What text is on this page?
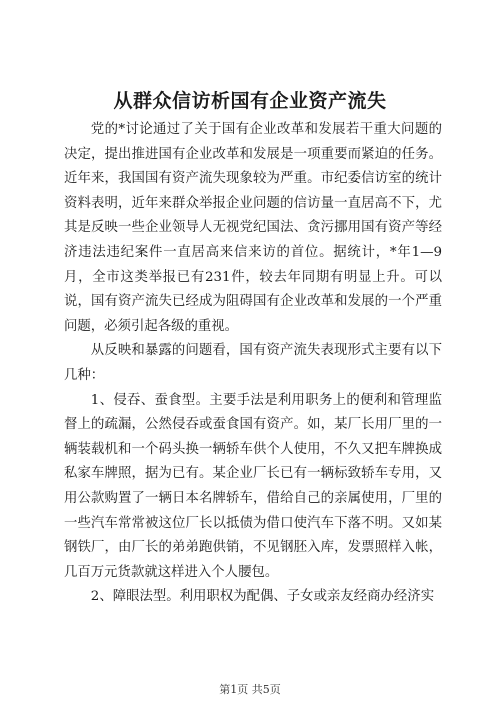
从群众信访析国有企业资产流失

党的*讨论通过了关于国有企业改革和发展若干重大问题的决定，提出推进国有企业改革和发展是一项重要而紧迫的任务。近年来，我国国有资产流失现象较为严重。市纪委信访室的统计资料表明，近年来群众举报企业问题的信访量一直居高不下，尤其是反映一些企业领导人无视党纪国法、贪污挪用国有资产等经济违法违纪案件一直居高来信来访的首位。据统计，*年1—9月，全市这类举报已有231件，较去年同期有明显上升。可以说，国有资产流失已经成为阻碍国有企业改革和发展的一个严重问题，必须引起各级的重视。

从反映和暴露的问题看，国有资产流失表现形式主要有以下几种：

1、侵吞、蚕食型。主要手法是利用职务上的便利和管理监督上的疏漏，公然侵吞或蚕食国有资产。如，某厂长用厂里的一辆装载机和一个码头换一辆轿车供个人使用，不久又把车牌换成私家车牌照，据为已有。某企业厂长已有一辆标致轿车专用，又用公款购置了一辆日本名牌轿车，借给自己的亲属使用，厂里的一些汽车常常被这位厂长以抵债为借口使汽车下落不明。又如某钢铁厂，由厂长的弟弟跑供销，不见钢胚入库，发票照样入帐，几百万元货款就这样进入个人腰包。

2、障眼法型。利用职权为配偶、子女或亲友经商办经济实

第1页 共5页
